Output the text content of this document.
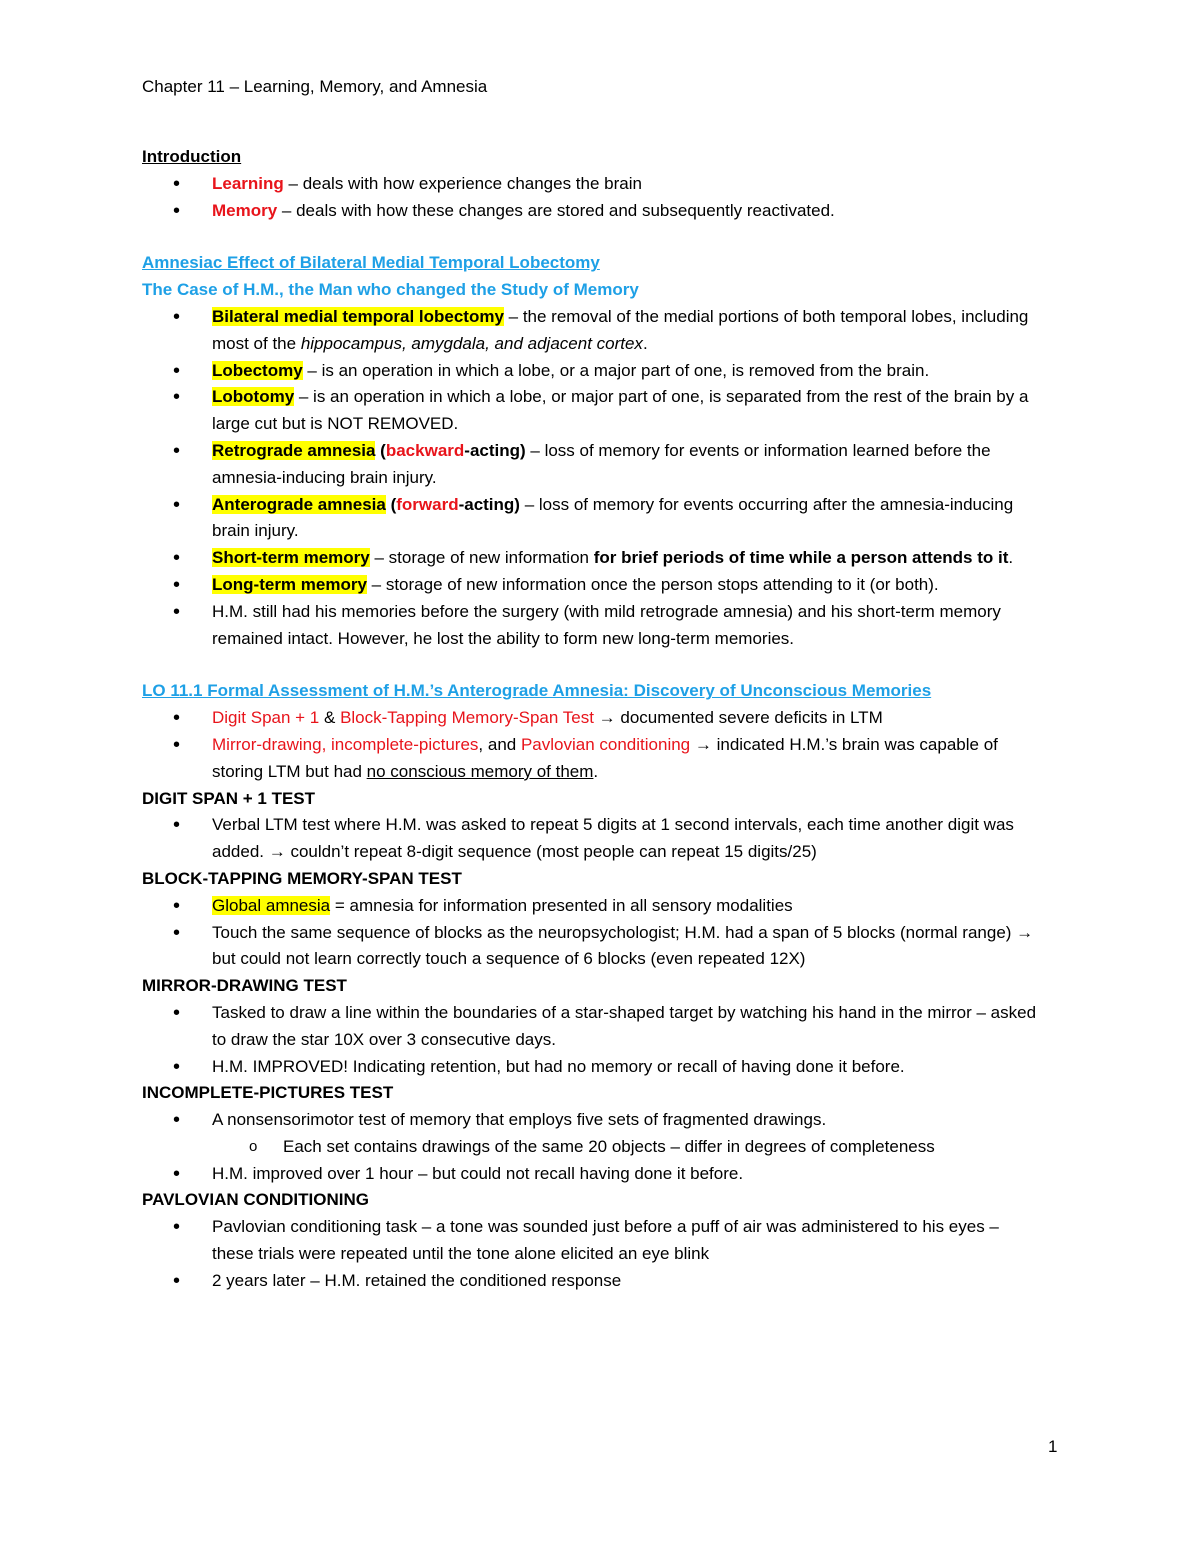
Chapter 11 – Learning, Memory, and Amnesia
Introduction
• Learning – deals with how experience changes the brain
• Memory – deals with how these changes are stored and subsequently reactivated.
Amnesiac Effect of Bilateral Medial Temporal Lobectomy
The Case of H.M., the Man who changed the Study of Memory
• Bilateral medial temporal lobectomy – the removal of the medial portions of both temporal lobes, including most of the hippocampus, amygdala, and adjacent cortex.
• Lobectomy – is an operation in which a lobe, or a major part of one, is removed from the brain.
• Lobotomy – is an operation in which a lobe, or major part of one, is separated from the rest of the brain by a large cut but is NOT REMOVED.
• Retrograde amnesia (backward-acting) – loss of memory for events or information learned before the amnesia-inducing brain injury.
• Anterograde amnesia (forward-acting) – loss of memory for events occurring after the amnesia-inducing brain injury.
• Short-term memory – storage of new information for brief periods of time while a person attends to it.
• Long-term memory – storage of new information once the person stops attending to it (or both).
• H.M. still had his memories before the surgery (with mild retrograde amnesia) and his short-term memory remained intact. However, he lost the ability to form new long-term memories.
LO 11.1 Formal Assessment of H.M.’s Anterograde Amnesia: Discovery of Unconscious Memories
• Digit Span + 1 & Block-Tapping Memory-Span Test → documented severe deficits in LTM
• Mirror-drawing, incomplete-pictures, and Pavlovian conditioning → indicated H.M.’s brain was capable of storing LTM but had no conscious memory of them.
DIGIT SPAN + 1 TEST
• Verbal LTM test where H.M. was asked to repeat 5 digits at 1 second intervals, each time another digit was added. → couldn’t repeat 8-digit sequence (most people can repeat 15 digits/25)
BLOCK-TAPPING MEMORY-SPAN TEST
• Global amnesia = amnesia for information presented in all sensory modalities
• Touch the same sequence of blocks as the neuropsychologist; H.M. had a span of 5 blocks (normal range) → but could not learn correctly touch a sequence of 6 blocks (even repeated 12X)
MIRROR-DRAWING TEST
• Tasked to draw a line within the boundaries of a star-shaped target by watching his hand in the mirror – asked to draw the star 10X over 3 consecutive days.
• H.M. IMPROVED! Indicating retention, but had no memory or recall of having done it before.
INCOMPLETE-PICTURES TEST
• A nonsensorimotor test of memory that employs five sets of fragmented drawings.
o Each set contains drawings of the same 20 objects – differ in degrees of completeness
• H.M. improved over 1 hour – but could not recall having done it before.
PAVLOVIAN CONDITIONING
• Pavlovian conditioning task – a tone was sounded just before a puff of air was administered to his eyes – these trials were repeated until the tone alone elicited an eye blink
• 2 years later – H.M. retained the conditioned response
1
